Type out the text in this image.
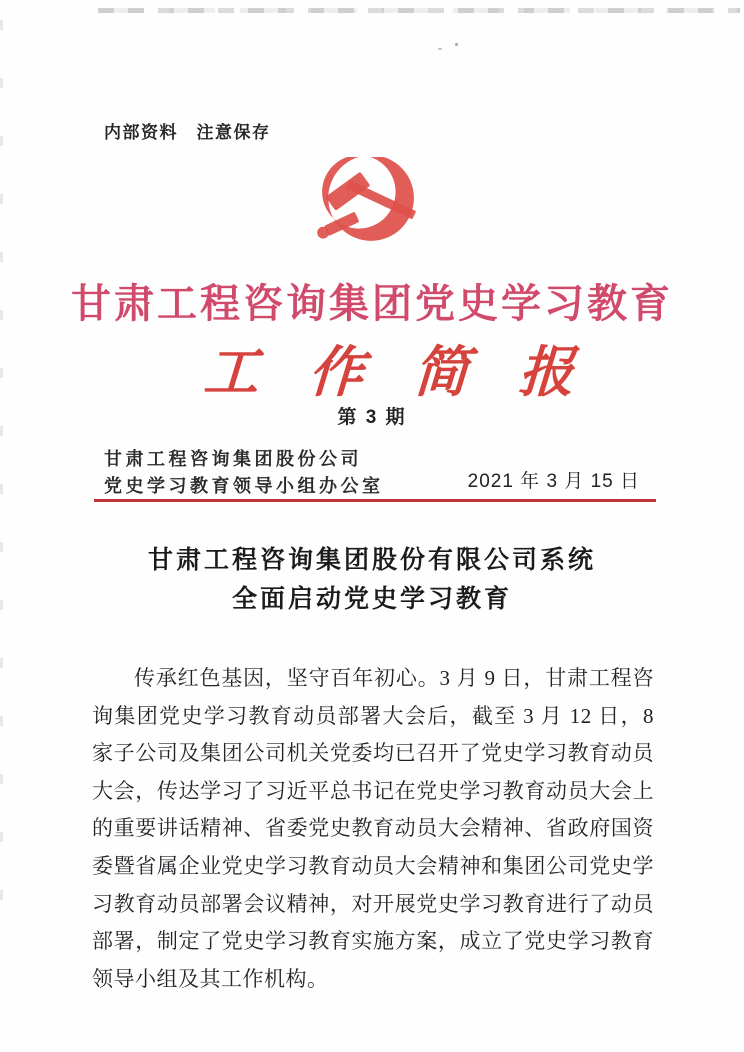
内部资料　注意保存
甘肃工程咨询集团党史学习教育
工 作 简 报
第 3 期
甘肃工程咨询集团股份公司
党史学习教育领导小组办公室	2021 年 3 月 15 日
甘肃工程咨询集团股份有限公司系统
全面启动党史学习教育

传承红色基因，坚守百年初心。3 月 9 日，甘肃工程咨询集团党史学习教育动员部署大会后，截至 3 月 12 日，8 家子公司及集团公司机关党委均已召开了党史学习教育动员大会，传达学习了习近平总书记在党史学习教育动员大会上的重要讲话精神、省委党史教育动员大会精神、省政府国资委暨省属企业党史学习教育动员大会精神和集团公司党史学习教育动员部署会议精神，对开展党史学习教育进行了动员部署，制定了党史学习教育实施方案，成立了党史学习教育领导小组及其工作机构。
